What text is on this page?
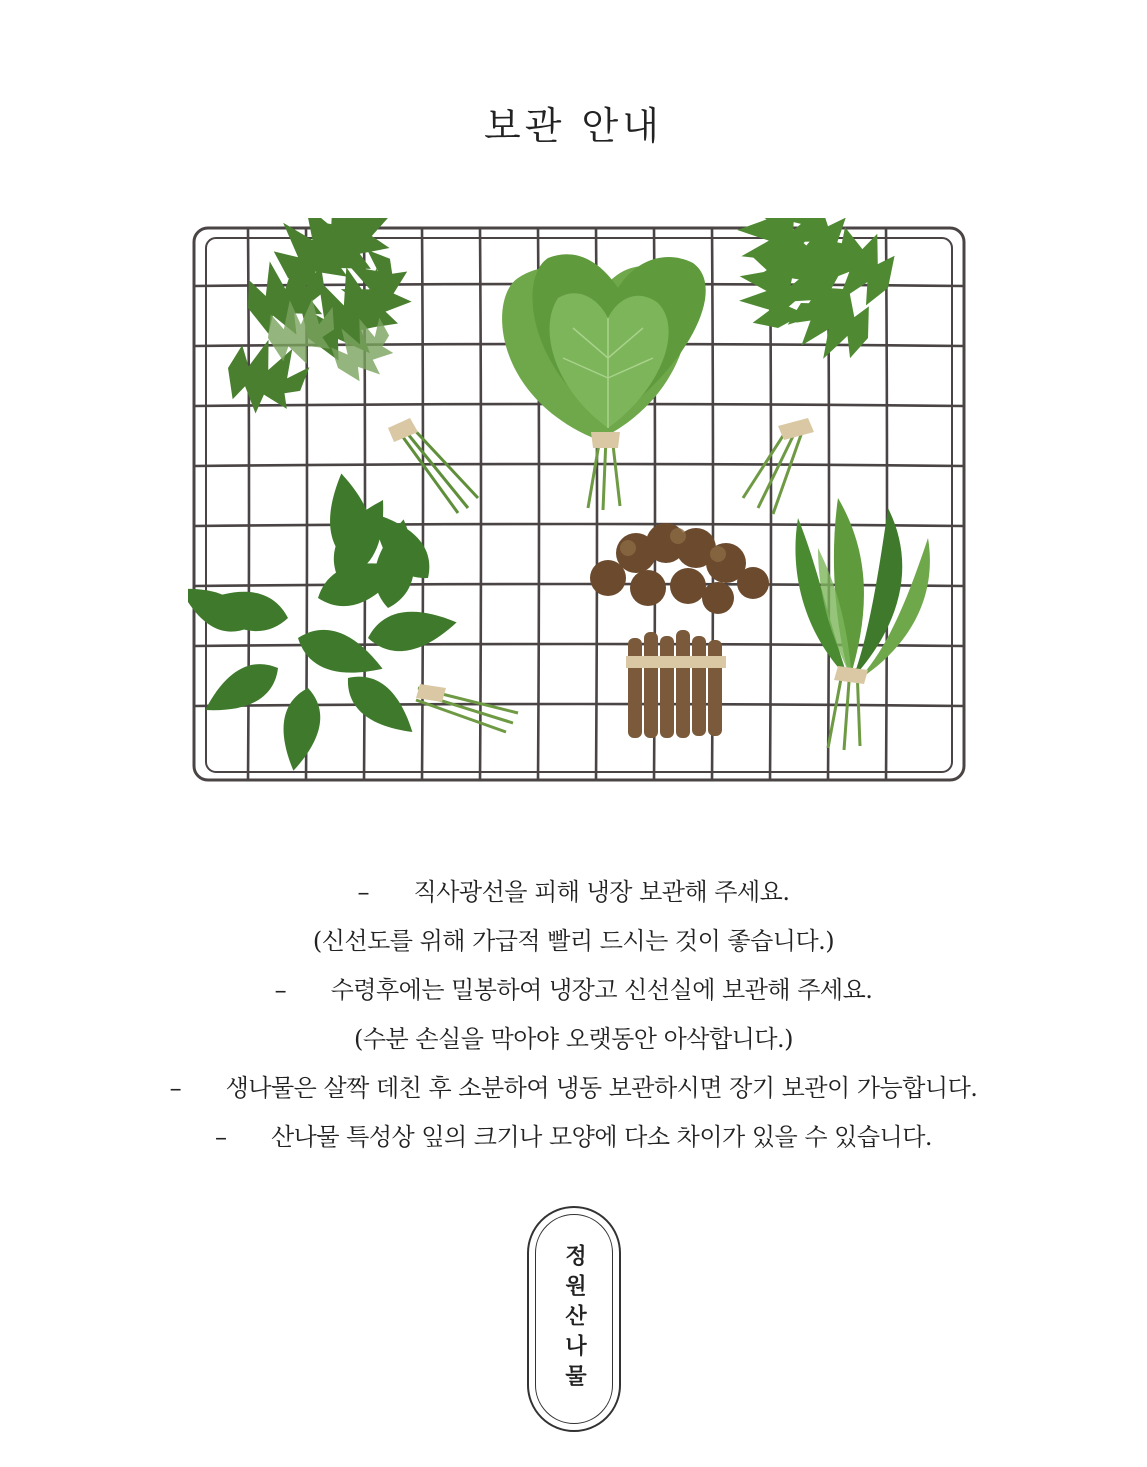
보관 안내
– 직사광선을 피해 냉장 보관해 주세요.
(신선도를 위해 가급적 빨리 드시는 것이 좋습니다.)
– 수령후에는 밀봉하여 냉장고 신선실에 보관해 주세요.
(수분 손실을 막아야 오랫동안 아삭합니다.)
– 생나물은 살짝 데친 후 소분하여 냉동 보관하시면 장기 보관이 가능합니다.
– 산나물 특성상 잎의 크기나 모양에 다소 차이가 있을 수 있습니다.
정원산나물
